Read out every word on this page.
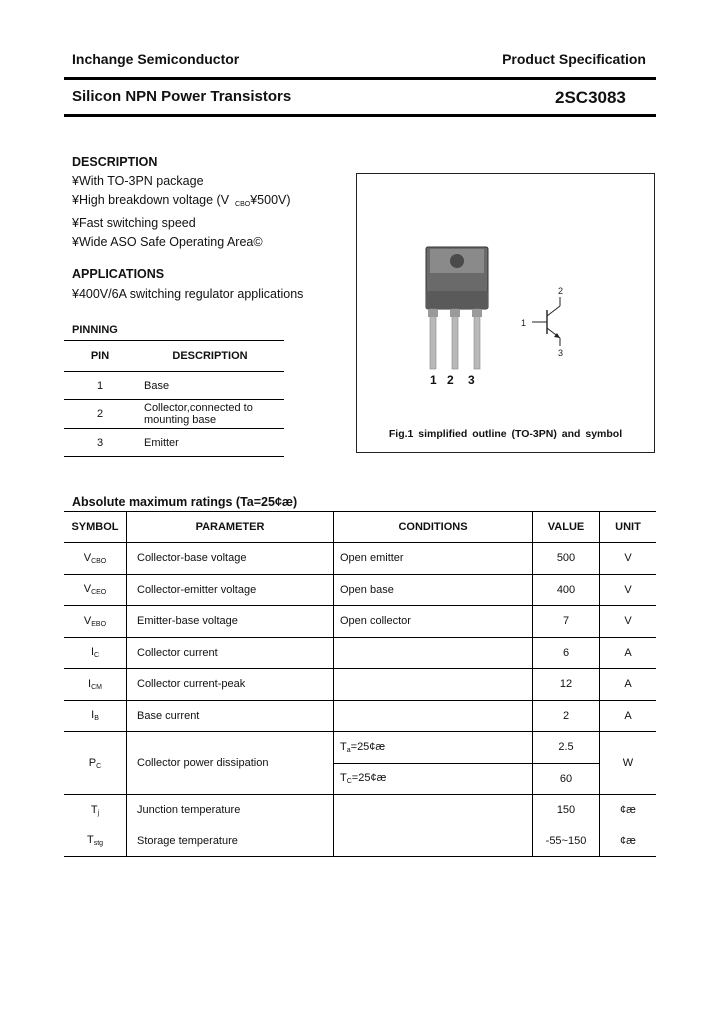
Inchange Semiconductor	Product Specification
Silicon NPN Power Transistors	2SC3083
DESCRIPTION
¥With TO-3PN package
¥High breakdown voltage (V $_{CBO}$¥500V)
¥Fast switching speed
¥Wide ASO Safe Operating Area©
APPLICATIONS
¥400V/6A switching regulator applications
PINNING
PIN	DESCRIPTION
1	Base
2	Collector,connected to mounting base
3	Emitter
1 2 3
1
2
3
Fig.1 simplified outline (TO-3PN) and symbol
Absolute maximum ratings (Ta=25¢æ)
SYMBOL	PARAMETER	CONDITIONS	VALUE	UNIT
$V_{CBO}$	Collector-base voltage	Open emitter	500	V
$V_{CEO}$	Collector-emitter voltage	Open base	400	V
$V_{EBO}$	Emitter-base voltage	Open collector	7	V
$I_C$	Collector current		6	A
$I_{CM}$	Collector current-peak		12	A
$I_B$	Base current		2	A
$P_C$	Collector power dissipation	$T_a=25¢æ$	2.5	W
		$T_C=25¢æ$	60	
$T_j$	Junction temperature		150	¢æ
$T_{stg}$	Storage temperature		-55~150	¢æ
